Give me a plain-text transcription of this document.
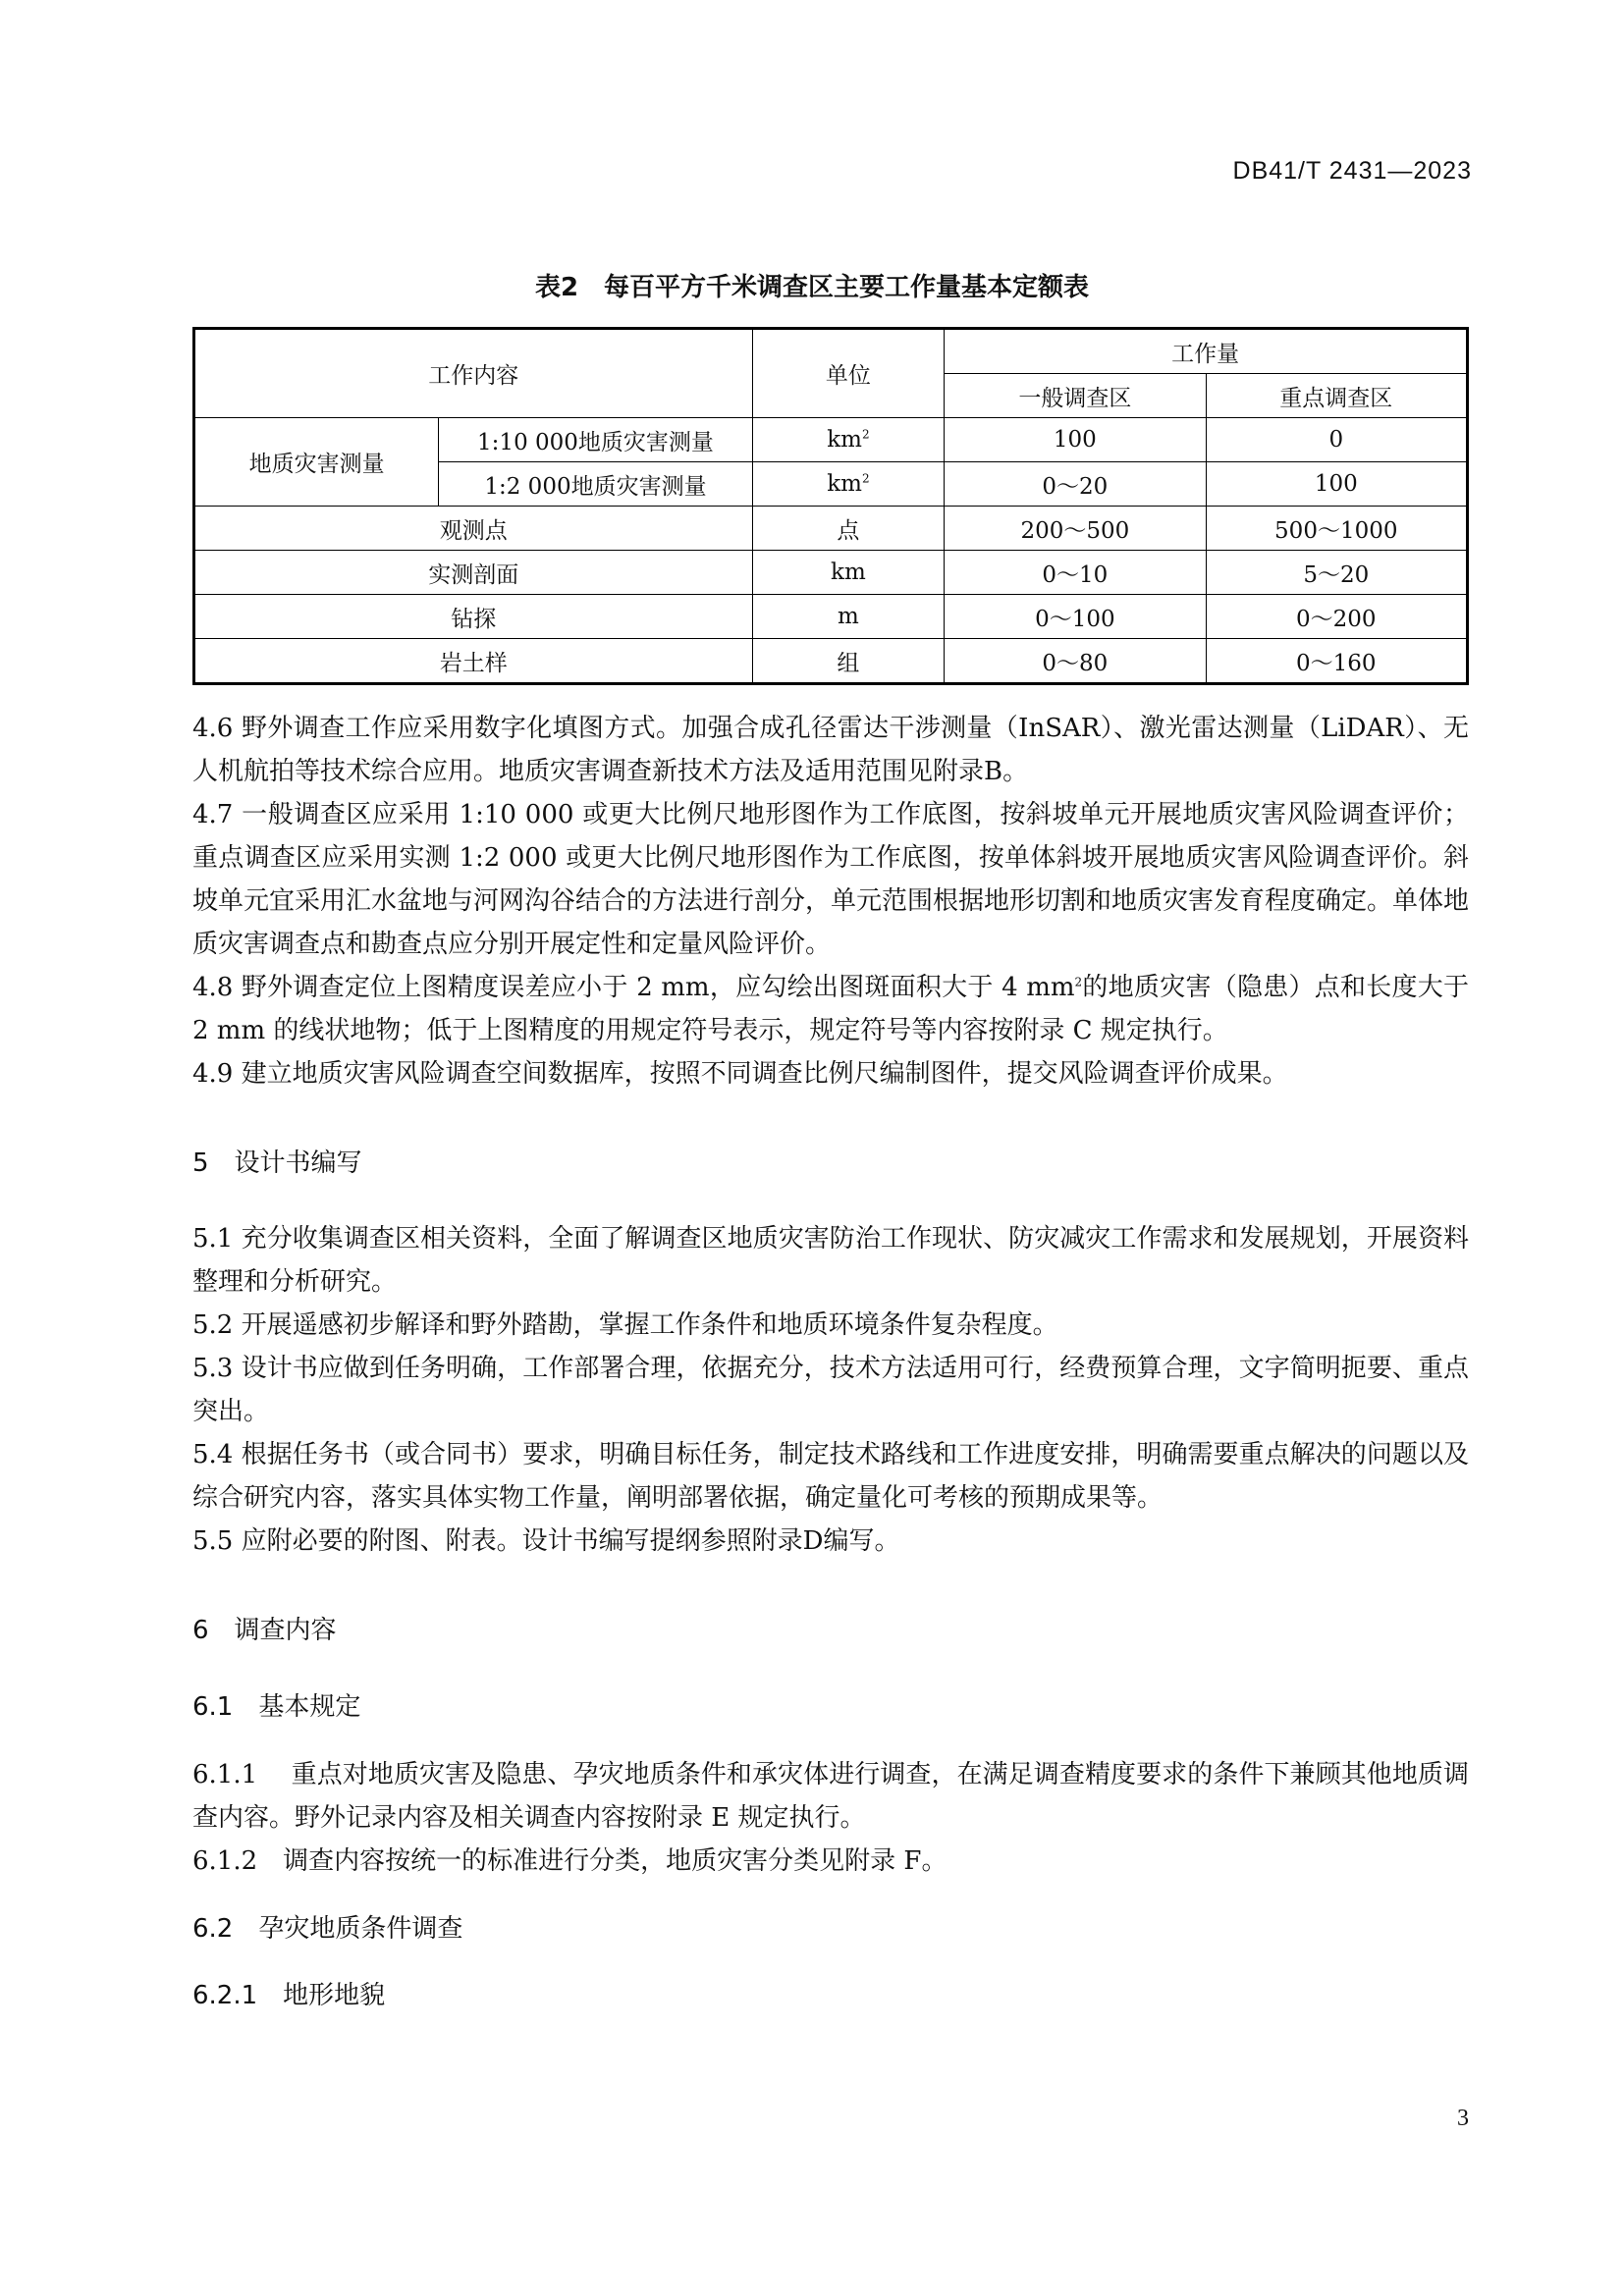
DB41/T 2431—2023
表2　每百平方千米调查区主要工作量基本定额表
工作内容		单位	工作量	
			一般调查区	重点调查区
地质灾害测量	1:10 000地质灾害测量	$km^2$	100	0
	1:2 000地质灾害测量	$km^2$	0～20	100
观测点		点	200～500	500～1000
实测剖面		km	0～10	5～20
钻探		m	0～100	0～200
岩土样		组	0～80	0～160

4.6 野外调查工作应采用数字化填图方式。加强合成孔径雷达干涉测量（InSAR）、激光雷达测量（LiDAR）、无人机航拍等技术综合应用。地质灾害调查新技术方法及适用范围见附录B。

4.7 一般调查区应采用 1:10 000 或更大比例尺地形图作为工作底图，按斜坡单元开展地质灾害风险调查评价；重点调查区应采用实测 1:2 000 或更大比例尺地形图作为工作底图，按单体斜坡开展地质灾害风险调查评价。斜坡单元宜采用汇水盆地与河网沟谷结合的方法进行剖分，单元范围根据地形切割和地质灾害发育程度确定。单体地质灾害调查点和勘查点应分别开展定性和定量风险评价。

4.8 野外调查定位上图精度误差应小于 2 mm，应勾绘出图斑面积大于 4 $mm^2$的地质灾害（隐患）点和长度大于 2 mm 的线状地物；低于上图精度的用规定符号表示，规定符号等内容按附录 C 规定执行。

4.9 建立地质灾害风险调查空间数据库，按照不同调查比例尺编制图件，提交风险调查评价成果。

5　设计书编写

5.1 充分收集调查区相关资料，全面了解调查区地质灾害防治工作现状、防灾减灾工作需求和发展规划，开展资料整理和分析研究。

5.2 开展遥感初步解译和野外踏勘，掌握工作条件和地质环境条件复杂程度。

5.3 设计书应做到任务明确，工作部署合理，依据充分，技术方法适用可行，经费预算合理，文字简明扼要、重点突出。

5.4 根据任务书（或合同书）要求，明确目标任务，制定技术路线和工作进度安排，明确需要重点解决的问题以及综合研究内容，落实具体实物工作量，阐明部署依据，确定量化可考核的预期成果等。

5.5 应附必要的附图、附表。设计书编写提纲参照附录D编写。

6　调查内容
6.1　基本规定

6.1.1　 重点对地质灾害及隐患、孕灾地质条件和承灾体进行调查，在满足调查精度要求的条件下兼顾其他地质调查内容。野外记录内容及相关调查内容按附录 E 规定执行。

6.1.2　调查内容按统一的标准进行分类，地质灾害分类见附录 F。

6.2　孕灾地质条件调查
6.2.1　地形地貌
3
